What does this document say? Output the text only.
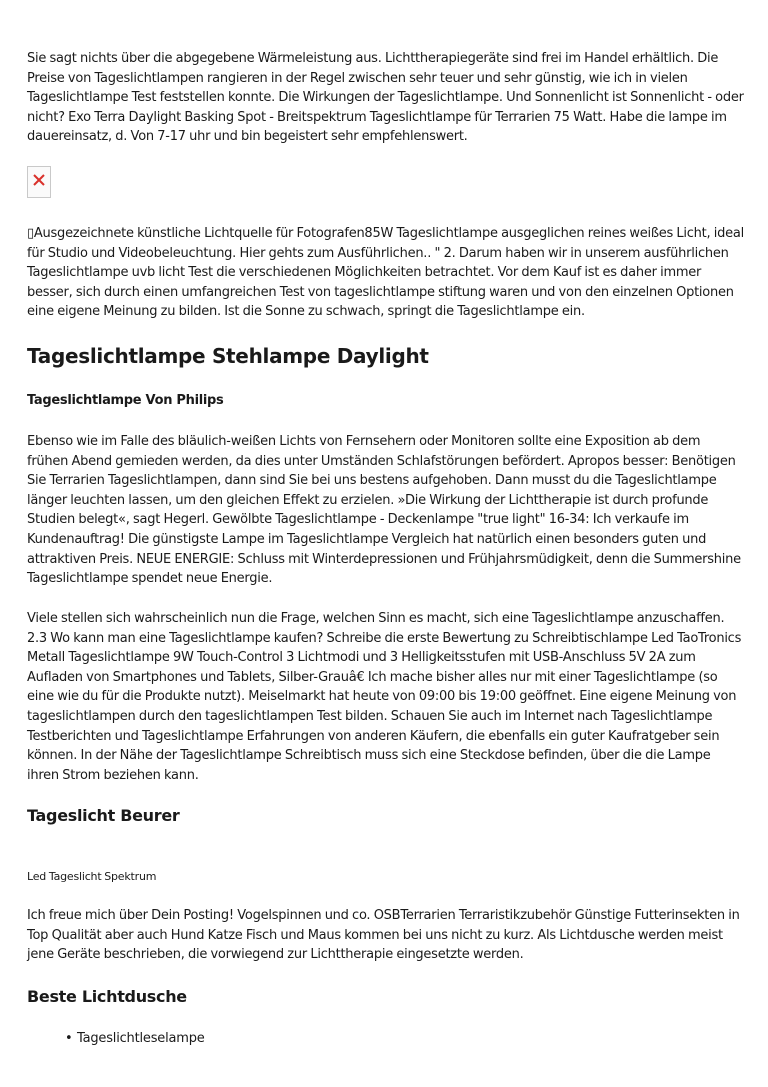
Sie sagt nichts über die abgegebene Wärmeleistung aus. Lichttherapiegeräte sind frei im Handel erhältlich. Die Preise von Tageslichtlampen rangieren in der Regel zwischen sehr teuer und sehr günstig, wie ich in vielen Tageslichtlampe Test feststellen konnte. Die Wirkungen der Tageslichtlampe. Und Sonnenlicht ist Sonnenlicht - oder nicht? Exo Terra Daylight Basking Spot - Breitspektrum Tageslichtlampe für Terrarien 75 Watt. Habe die lampe im dauereinsatz, d. Von 7-17 uhr und bin begeistert sehr empfehlenswert.

▯Ausgezeichnete künstliche Lichtquelle für Fotografen85W Tageslichtlampe ausgeglichen reines weißes Licht, ideal für Studio und Videobeleuchtung. Hier gehts zum Ausführlichen.. " 2. Darum haben wir in unserem ausführlichen Tageslichtlampe uvb licht Test die verschiedenen Möglichkeiten betrachtet. Vor dem Kauf ist es daher immer besser, sich durch einen umfangreichen Test von tageslichtlampe stiftung waren und von den einzelnen Optionen eine eigene Meinung zu bilden. Ist die Sonne zu schwach, springt die Tageslichtlampe ein.

Tageslichtlampe Stehlampe Daylight
Tageslichtlampe Von Philips

Ebenso wie im Falle des bläulich-weißen Lichts von Fernsehern oder Monitoren sollte eine Exposition ab dem frühen Abend gemieden werden, da dies unter Umständen Schlafstörungen befördert. Apropos besser: Benötigen Sie Terrarien Tageslichtlampen, dann sind Sie bei uns bestens aufgehoben. Dann musst du die Tageslichtlampe länger leuchten lassen, um den gleichen Effekt zu erzielen. »Die Wirkung der Lichttherapie ist durch profunde Studien belegt«, sagt Hegerl. Gewölbte Tageslichtlampe - Deckenlampe "true light" 16-34: Ich verkaufe im Kundenauftrag! Die günstigste Lampe im Tageslichtlampe Vergleich hat natürlich einen besonders guten und attraktiven Preis. NEUE ENERGIE: Schluss mit Winterdepressionen und Frühjahrsmüdigkeit, denn die Summershine Tageslichtlampe spendet neue Energie.

Viele stellen sich wahrscheinlich nun die Frage, welchen Sinn es macht, sich eine Tageslichtlampe anzuschaffen. 2.3 Wo kann man eine Tageslichtlampe kaufen? Schreibe die erste Bewertung zu Schreibtischlampe Led TaoTronics Metall Tageslichtlampe 9W Touch-Control 3 Lichtmodi und 3 Helligkeitsstufen mit USB-Anschluss 5V 2A zum Aufladen von Smartphones und Tablets, Silber-Grauâ€ Ich mache bisher alles nur mit einer Tageslichtlampe (so eine wie du für die Produkte nutzt). Meiselmarkt hat heute von 09:00 bis 19:00 geöffnet. Eine eigene Meinung von tageslichtlampen durch den tageslichtlampen Test bilden. Schauen Sie auch im Internet nach Tageslichtlampe Testberichten und Tageslichtlampe Erfahrungen von anderen Käufern, die ebenfalls ein guter Kaufratgeber sein können. In der Nähe der Tageslichtlampe Schreibtisch muss sich eine Steckdose befinden, über die die Lampe ihren Strom beziehen kann.

Tageslicht Beurer

Led Tageslicht Spektrum

Ich freue mich über Dein Posting! Vogelspinnen und co. OSBTerrarien Terraristikzubehör Günstige Futterinsekten in Top Qualität aber auch Hund Katze Fisch und Maus kommen bei uns nicht zu kurz. Als Lichtdusche werden meist jene Geräte beschrieben, die vorwiegend zur Lichttherapie eingesetzte werden.

Beste Lichtdusche
• Tageslichtleselampe
